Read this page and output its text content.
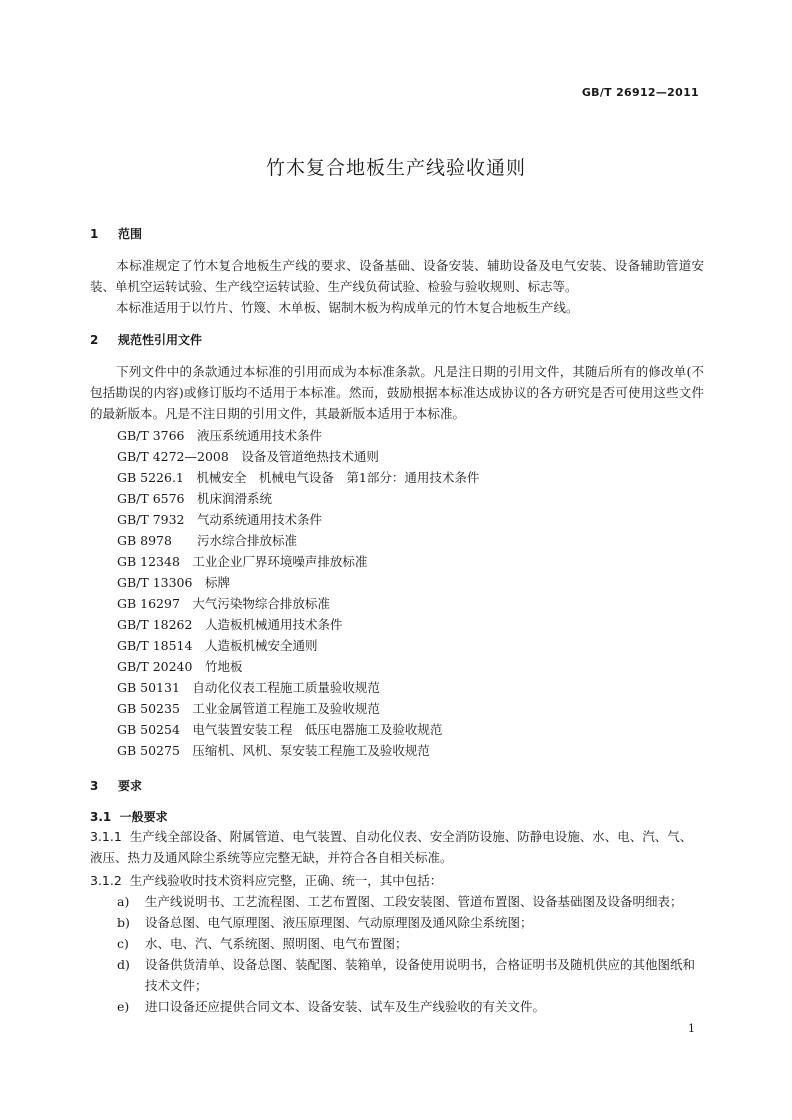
GB/T 26912—2011
竹木复合地板生产线验收通则
1 范围
本标准规定了竹木复合地板生产线的要求、设备基础、设备安装、辅助设备及电气安装、设备辅助管道安装、单机空运转试验、生产线空运转试验、生产线负荷试验、检验与验收规则、标志等。
本标准适用于以竹片、竹篾、木单板、锯制木板为构成单元的竹木复合地板生产线。
2 规范性引用文件
下列文件中的条款通过本标准的引用而成为本标准条款。凡是注日期的引用文件，其随后所有的修改单(不包括勘误的内容)或修订版均不适用于本标准。然而，鼓励根据本标准达成协议的各方研究是否可使用这些文件的最新版本。凡是不注日期的引用文件，其最新版本适用于本标准。
GB/T 3766　液压系统通用技术条件
GB/T 4272—2008　设备及管道绝热技术通则
GB 5226.1　机械安全　机械电气设备　第1部分：通用技术条件
GB/T 6576　机床润滑系统
GB/T 7932　气动系统通用技术条件
GB 8978　　污水综合排放标准
GB 12348　工业企业厂界环境噪声排放标准
GB/T 13306　标牌
GB 16297　大气污染物综合排放标准
GB/T 18262　人造板机械通用技术条件
GB/T 18514　人造板机械安全通则
GB/T 20240　竹地板
GB 50131　自动化仪表工程施工质量验收规范
GB 50235　工业金属管道工程施工及验收规范
GB 50254　电气装置安装工程　低压电器施工及验收规范
GB 50275　压缩机、风机、泵安装工程施工及验收规范
3 要求
3.1 一般要求
3.1.1 生产线全部设备、附属管道、电气装置、自动化仪表、安全消防设施、防静电设施、水、电、汽、气、液压、热力及通风除尘系统等应完整无缺，并符合各自相关标准。
3.1.2 生产线验收时技术资料应完整，正确、统一，其中包括：
a)	生产线说明书、工艺流程图、工艺布置图、工段安装图、管道布置图、设备基础图及设备明细表；
b)	设备总图、电气原理图、液压原理图、气动原理图及通风除尘系统图；
c)	水、电、汽、气系统图、照明图、电气布置图；
d)	设备供货清单、设备总图、装配图、装箱单，设备使用说明书，合格证明书及随机供应的其他图纸和技术文件；
e)	进口设备还应提供合同文本、设备安装、试车及生产线验收的有关文件。
1
